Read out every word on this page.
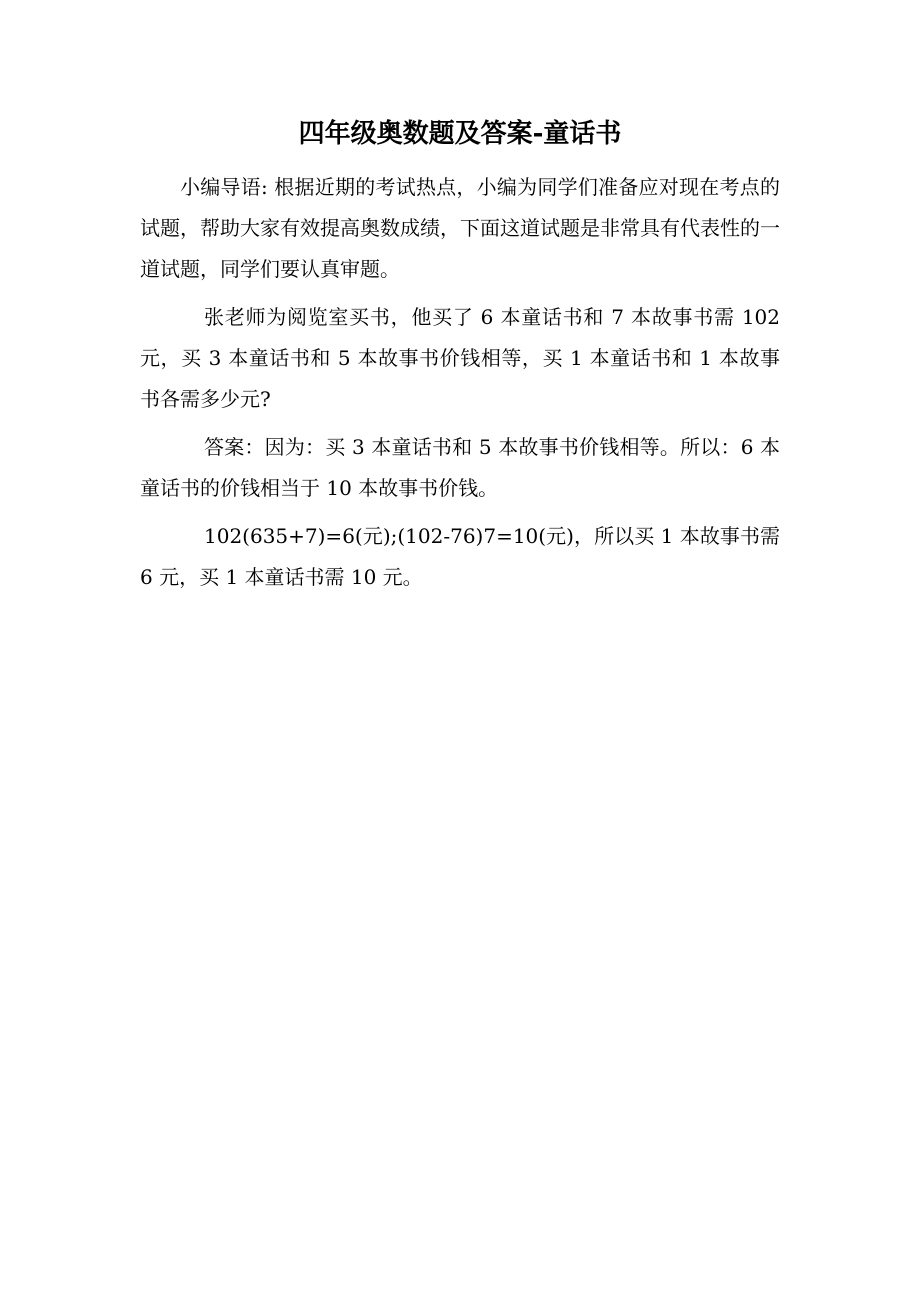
四年级奥数题及答案-童话书

小编导语: 根据近期的考试热点，小编为同学们准备应对现在考点的试题，帮助大家有效提高奥数成绩，下面这道试题是非常具有代表性的一道试题，同学们要认真审题。

张老师为阅览室买书，他买了 6 本童话书和 7 本故事书需 102 元，买 3 本童话书和 5 本故事书价钱相等，买 1 本童话书和 1 本故事书各需多少元?

答案：因为：买 3 本童话书和 5 本故事书价钱相等。所以：6 本童话书的价钱相当于 10 本故事书价钱。

102(635+7)=6(元);(102-76)7=10(元)，所以买 1 本故事书需 6 元，买 1 本童话书需 10 元。
